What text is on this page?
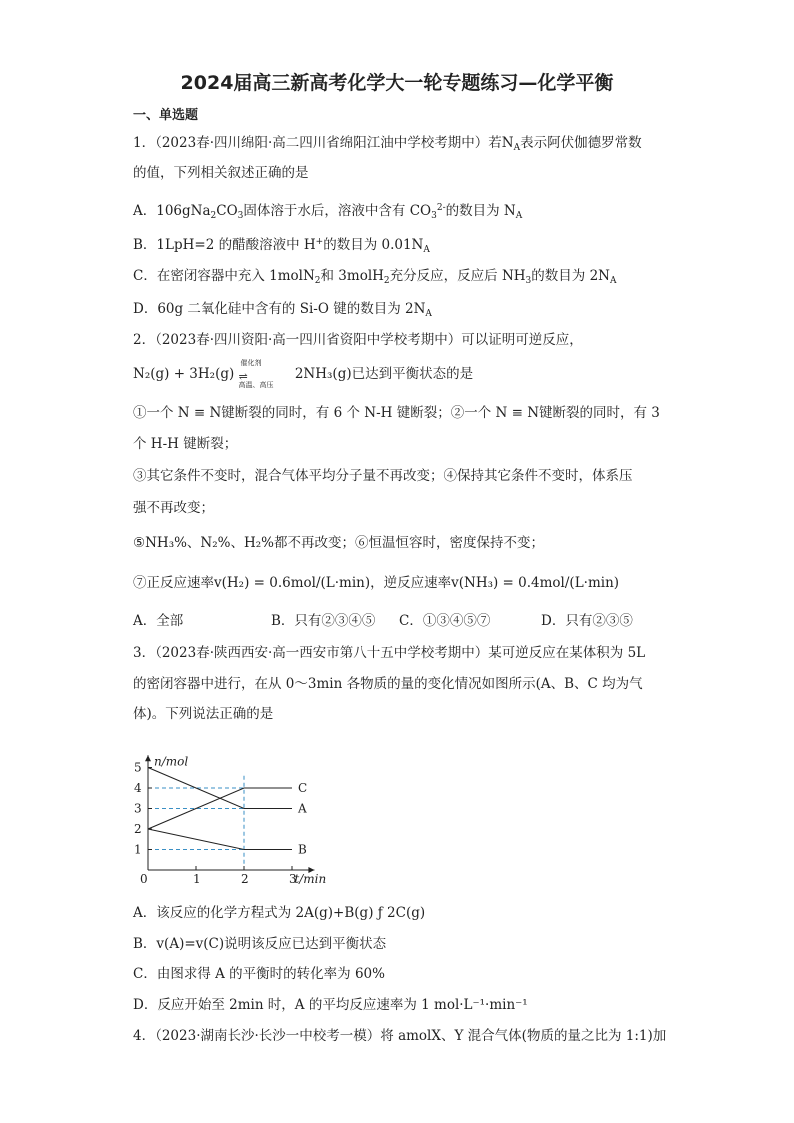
2024届高三新高考化学大一轮专题练习—化学平衡
一、单选题
1．（2023春·四川绵阳·高二四川省绵阳江油中学校考期中）若$N_A$表示阿伏伽德罗常数
的值，下列相关叙述正确的是
A．$106gNa_2CO_3$固体溶于水后，溶液中含有 $CO_3^{2-}$的数目为 $N_A$
B．1LpH=2 的醋酸溶液中 H+的数目为 $0.01N_A$
C．在密闭容器中充入 1molN$_2$和 3molH$_2$充分反应，反应后 $NH_3$的数目为 $2N_A$
D．60g 二氧化硅中含有的 Si-O 键的数目为 $2N_A$
2．（2023春·四川资阳·高一四川省资阳中学校考期中）可以证明可逆反应，
N₂(g) + 3H₂(g)
催化剂
⇌
高温、高压
2NH₃(g)已达到平衡状态的是
①一个 N ≡ N键断裂的同时，有 6 个 N-H 键断裂；②一个 N ≡ N键断裂的同时，有 3
个 H-H 键断裂；
③其它条件不变时，混合气体平均分子量不再改变；④保持其它条件不变时，体系压
强不再改变；
⑤NH₃%、N₂%、H₂%都不再改变；⑥恒温恒容时，密度保持不变；
⑦正反应速率v(H₂) = 0.6mol/(L·min)，逆反应速率v(NH₃) = 0.4mol/(L·min)
A．全部	B．只有②③④⑤ C．①③④⑤⑦	D．只有②③⑤
3．（2023春·陕西西安·高一西安市第八十五中学校考期中）某可逆反应在某体积为 5L
的密闭容器中进行，在从 0～3min 各物质的量的变化情况如图所示(A、B、C 均为气
体)。下列说法正确的是
0	1	2	3
1
2
3
4
5 n/mol
t/min
C
A
B
A．该反应的化学方程式为 2A(g)+B(g) ƒ 2C(g)
B．v(A)=v(C)说明该反应已达到平衡状态
C．由图求得 A 的平衡时的转化率为 60%
D．反应开始至 2min 时，A 的平均反应速率为 1 mol·L⁻¹·min⁻¹
4．（2023·湖南长沙·长沙一中校考一模）将 amolX、Y 混合气体(物质的量之比为 1:1)加
